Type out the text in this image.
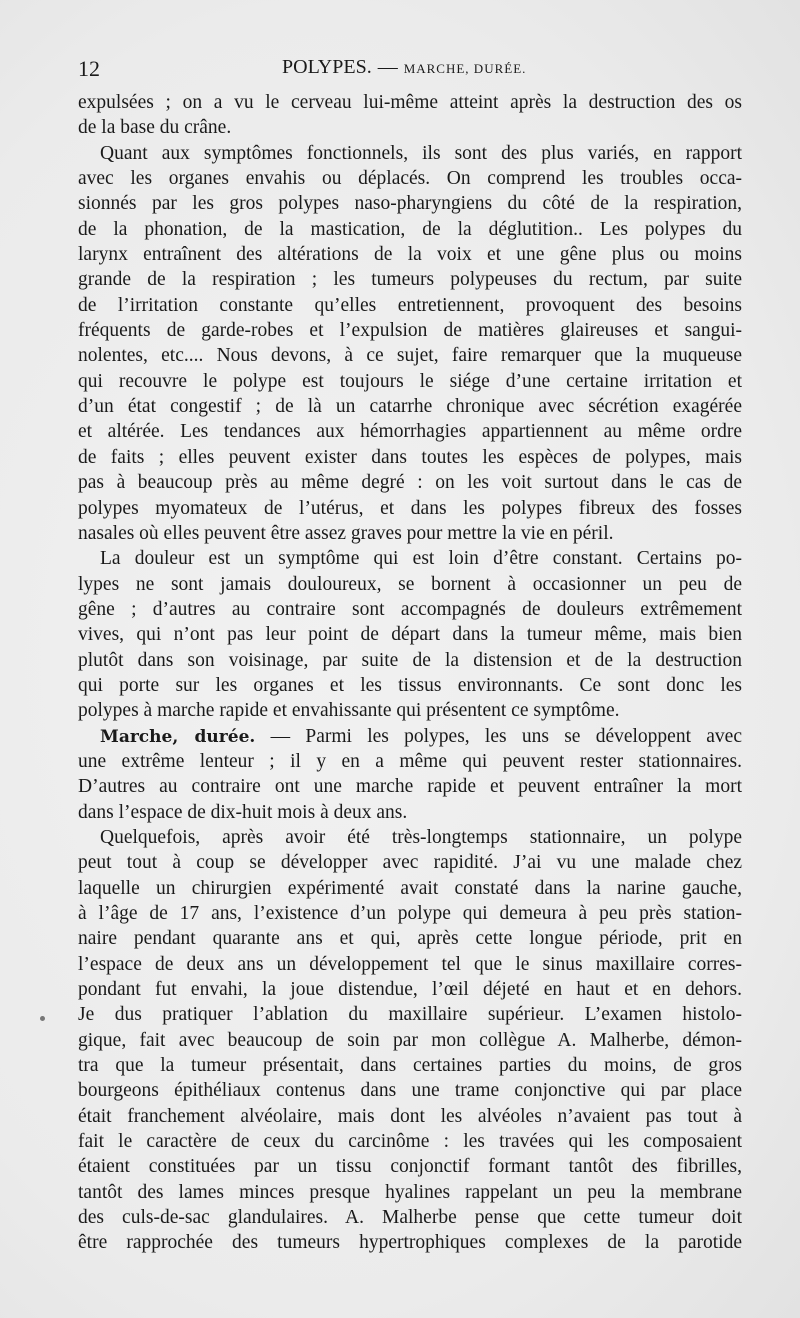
12	POLYPES. — MARCHE, DURÉE.
expulsées ; on a vu le cerveau lui-même atteint après la destruction des os
de la base du crâne.
Quant aux symptômes fonctionnels, ils sont des plus variés, en rapport
avec les organes envahis ou déplacés. On comprend les troubles occa-
sionnés par les gros polypes naso-pharyngiens du côté de la respiration,
de la phonation, de la mastication, de la déglutition.. Les polypes du
larynx entraînent des altérations de la voix et une gêne plus ou moins
grande de la respiration ; les tumeurs polypeuses du rectum, par suite
de l’irritation constante qu’elles entretiennent, provoquent des besoins
fréquents de garde-robes et l’expulsion de matières glaireuses et sangui-
nolentes, etc.... Nous devons, à ce sujet, faire remarquer que la muqueuse
qui recouvre le polype est toujours le siége d’une certaine irritation et
d’un état congestif ; de là un catarrhe chronique avec sécrétion exagérée
et altérée. Les tendances aux hémorrhagies appartiennent au même ordre
de faits ; elles peuvent exister dans toutes les espèces de polypes, mais
pas à beaucoup près au même degré : on les voit surtout dans le cas de
polypes myomateux de l’utérus, et dans les polypes fibreux des fosses
nasales où elles peuvent être assez graves pour mettre la vie en péril.
La douleur est un symptôme qui est loin d’être constant. Certains po-
lypes ne sont jamais douloureux, se bornent à occasionner un peu de
gêne ; d’autres au contraire sont accompagnés de douleurs extrêmement
vives, qui n’ont pas leur point de départ dans la tumeur même, mais bien
plutôt dans son voisinage, par suite de la distension et de la destruction
qui porte sur les organes et les tissus environnants. Ce sont donc les
polypes à marche rapide et envahissante qui présentent ce symptôme.
Marche, durée. — Parmi les polypes, les uns se développent avec
une extrême lenteur ; il y en a même qui peuvent rester stationnaires.
D’autres au contraire ont une marche rapide et peuvent entraîner la mort
dans l’espace de dix-huit mois à deux ans.
Quelquefois, après avoir été très-longtemps stationnaire, un polype
peut tout à coup se développer avec rapidité. J’ai vu une malade chez
laquelle un chirurgien expérimenté avait constaté dans la narine gauche,
à l’âge de 17 ans, l’existence d’un polype qui demeura à peu près station-
naire pendant quarante ans et qui, après cette longue période, prit en
l’espace de deux ans un développement tel que le sinus maxillaire corres-
pondant fut envahi, la joue distendue, l’œil déjeté en haut et en dehors.
Je dus pratiquer l’ablation du maxillaire supérieur. L’examen histolo-
gique, fait avec beaucoup de soin par mon collègue A. Malherbe, démon-
tra que la tumeur présentait, dans certaines parties du moins, de gros
bourgeons épithéliaux contenus dans une trame conjonctive qui par place
était franchement alvéolaire, mais dont les alvéoles n’avaient pas tout à
fait le caractère de ceux du carcinôme : les travées qui les composaient
étaient constituées par un tissu conjonctif formant tantôt des fibrilles,
tantôt des lames minces presque hyalines rappelant un peu la membrane
des culs-de-sac glandulaires. A. Malherbe pense que cette tumeur doit
être rapprochée des tumeurs hypertrophiques complexes de la parotide
